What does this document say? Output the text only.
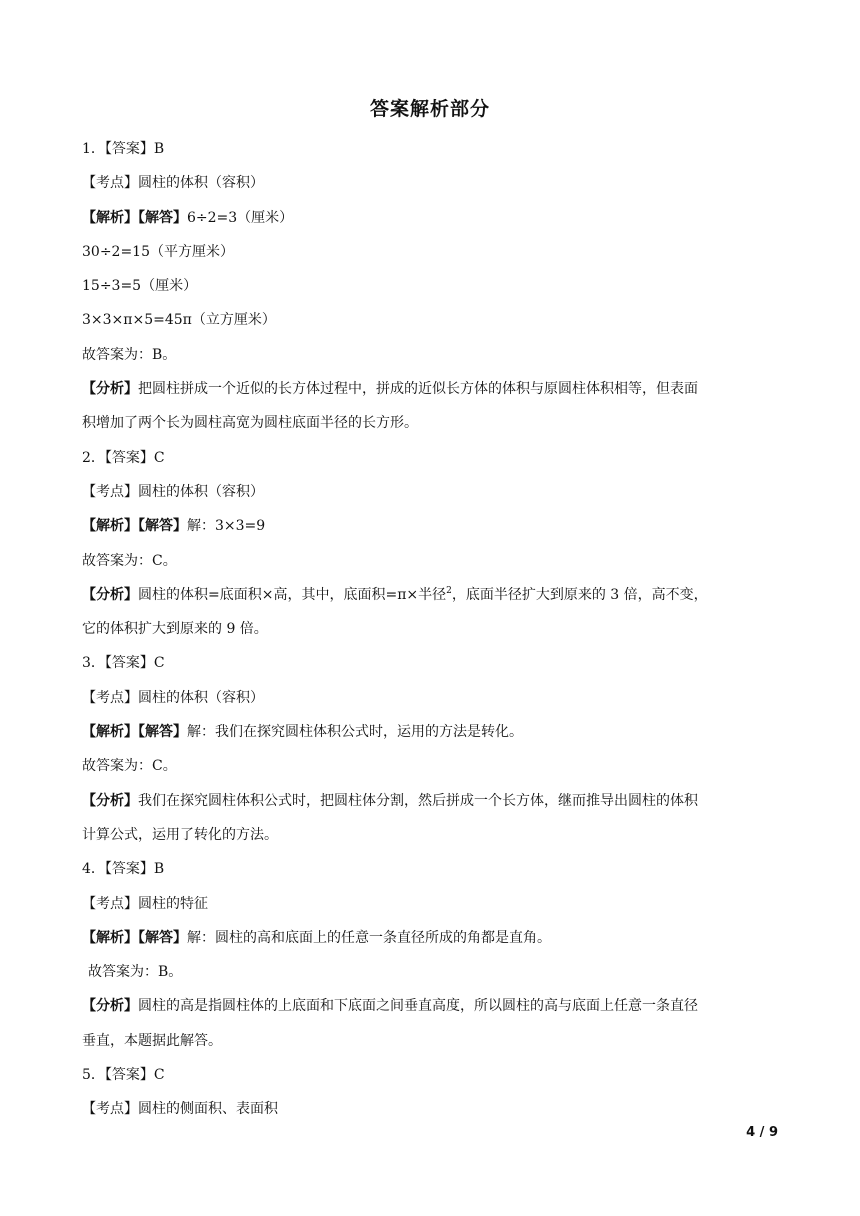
答案解析部分
1．【答案】B
【考点】圆柱的体积（容积）
【解析】【解答】6÷2=3（厘米）
30÷2=15（平方厘米）
15÷3=5（厘米）
3×3×π×5=45π（立方厘米）
故答案为：B。
【分析】把圆柱拼成一个近似的长方体过程中，拼成的近似长方体的体积与原圆柱体积相等，但表面
积增加了两个长为圆柱高宽为圆柱底面半径的长方形。
2．【答案】C
【考点】圆柱的体积（容积）
【解析】【解答】解：3×3=9
故答案为：C。
【分析】圆柱的体积=底面积×高，其中，底面积=π×半径$^2$，底面半径扩大到原来的 3 倍，高不变，
它的体积扩大到原来的 9 倍。
3．【答案】C
【考点】圆柱的体积（容积）
【解析】【解答】解：我们在探究圆柱体积公式时，运用的方法是转化。
故答案为：C。
【分析】我们在探究圆柱体积公式时，把圆柱体分割，然后拼成一个长方体，继而推导出圆柱的体积
计算公式，运用了转化的方法。
4．【答案】B
【考点】圆柱的特征
【解析】【解答】解：圆柱的高和底面上的任意一条直径所成的角都是直角。
故答案为：B。
【分析】圆柱的高是指圆柱体的上底面和下底面之间垂直高度，所以圆柱的高与底面上任意一条直径
垂直，本题据此解答。
5．【答案】C
【考点】圆柱的侧面积、表面积
4 / 9
